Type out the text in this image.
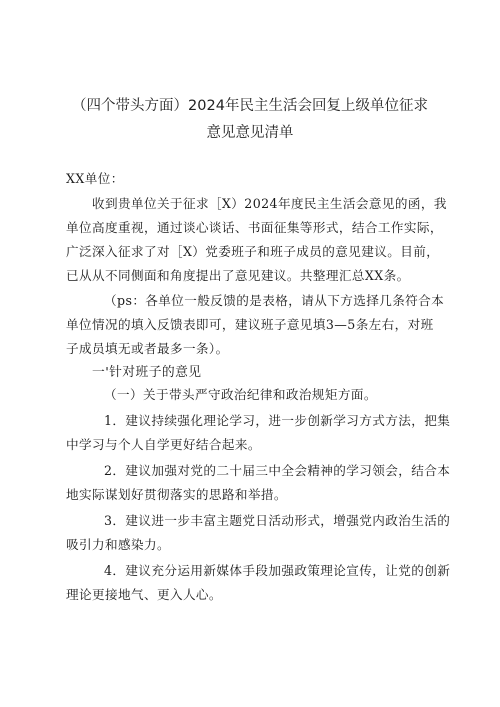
（四个带头方面）2024年民主生活会回复上级单位征求
意见意见清单
XX单位：
收到贵单位关于征求［X）2024年度民主生活会意见的函，我
单位高度重视，通过谈心谈话、书面征集等形式，结合工作实际，
广泛深入征求了对［X）党委班子和班子成员的意见建议。目前，
已从从不同侧面和角度提出了意见建议。共整理汇总XX条。
（ps：各单位一般反馈的是表格，请从下方选择几条符合本
单位情况的填入反馈表即可，建议班子意见填3—5条左右，对班
子成员填无或者最多一条）。
一'针对班子的意见
（一）关于带头严守政治纪律和政治规矩方面。
1．建议持续强化理论学习，进一步创新学习方式方法，把集
中学习与个人自学更好结合起来。
2．建议加强对党的二十届三中全会精神的学习领会，结合本
地实际谋划好贯彻落实的思路和举措。
3．建议进一步丰富主题党日活动形式，增强党内政治生活的
吸引力和感染力。
4．建议充分运用新媒体手段加强政策理论宣传，让党的创新
理论更接地气、更入人心。
